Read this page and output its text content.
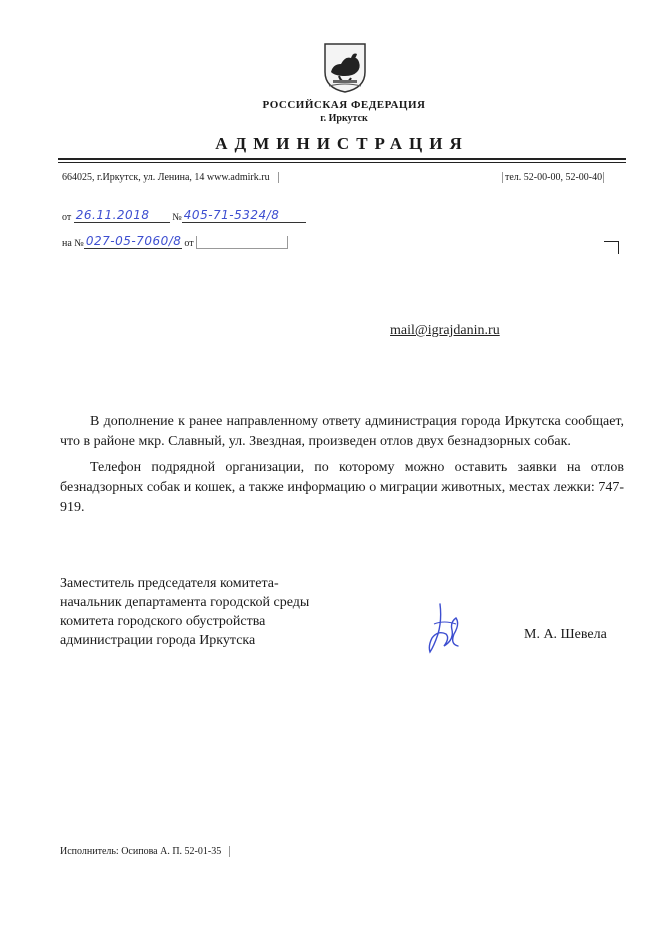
РОССИЙСКАЯ ФЕДЕРАЦИЯ
г. Иркутск
АДМИНИСТРАЦИЯ
664025, г.Иркутск, ул. Ленина, 14 www.admirk.ru	тел. 52-00-00, 52-00-40
от 26.11.2018 № 405-71-5324/8
на № 027-05-7060/8 от
mail@igrajdanin.ru

В дополнение к ранее направленному ответу администрация города Иркутска сообщает, что в районе мкр. Славный, ул. Звездная, произведен отлов двух безнадзорных собак.

Телефон подрядной организации, по которому можно оставить заявки на отлов безнадзорных собак и кошек, а также информацию о миграции животных, местах лежки: 747-919.

Заместитель председателя комитета-
начальник департамента городской среды
комитета городского обустройства
администрации города Иркутска	М. А. Шевела
Исполнитель: Осипова А. П. 52-01-35
